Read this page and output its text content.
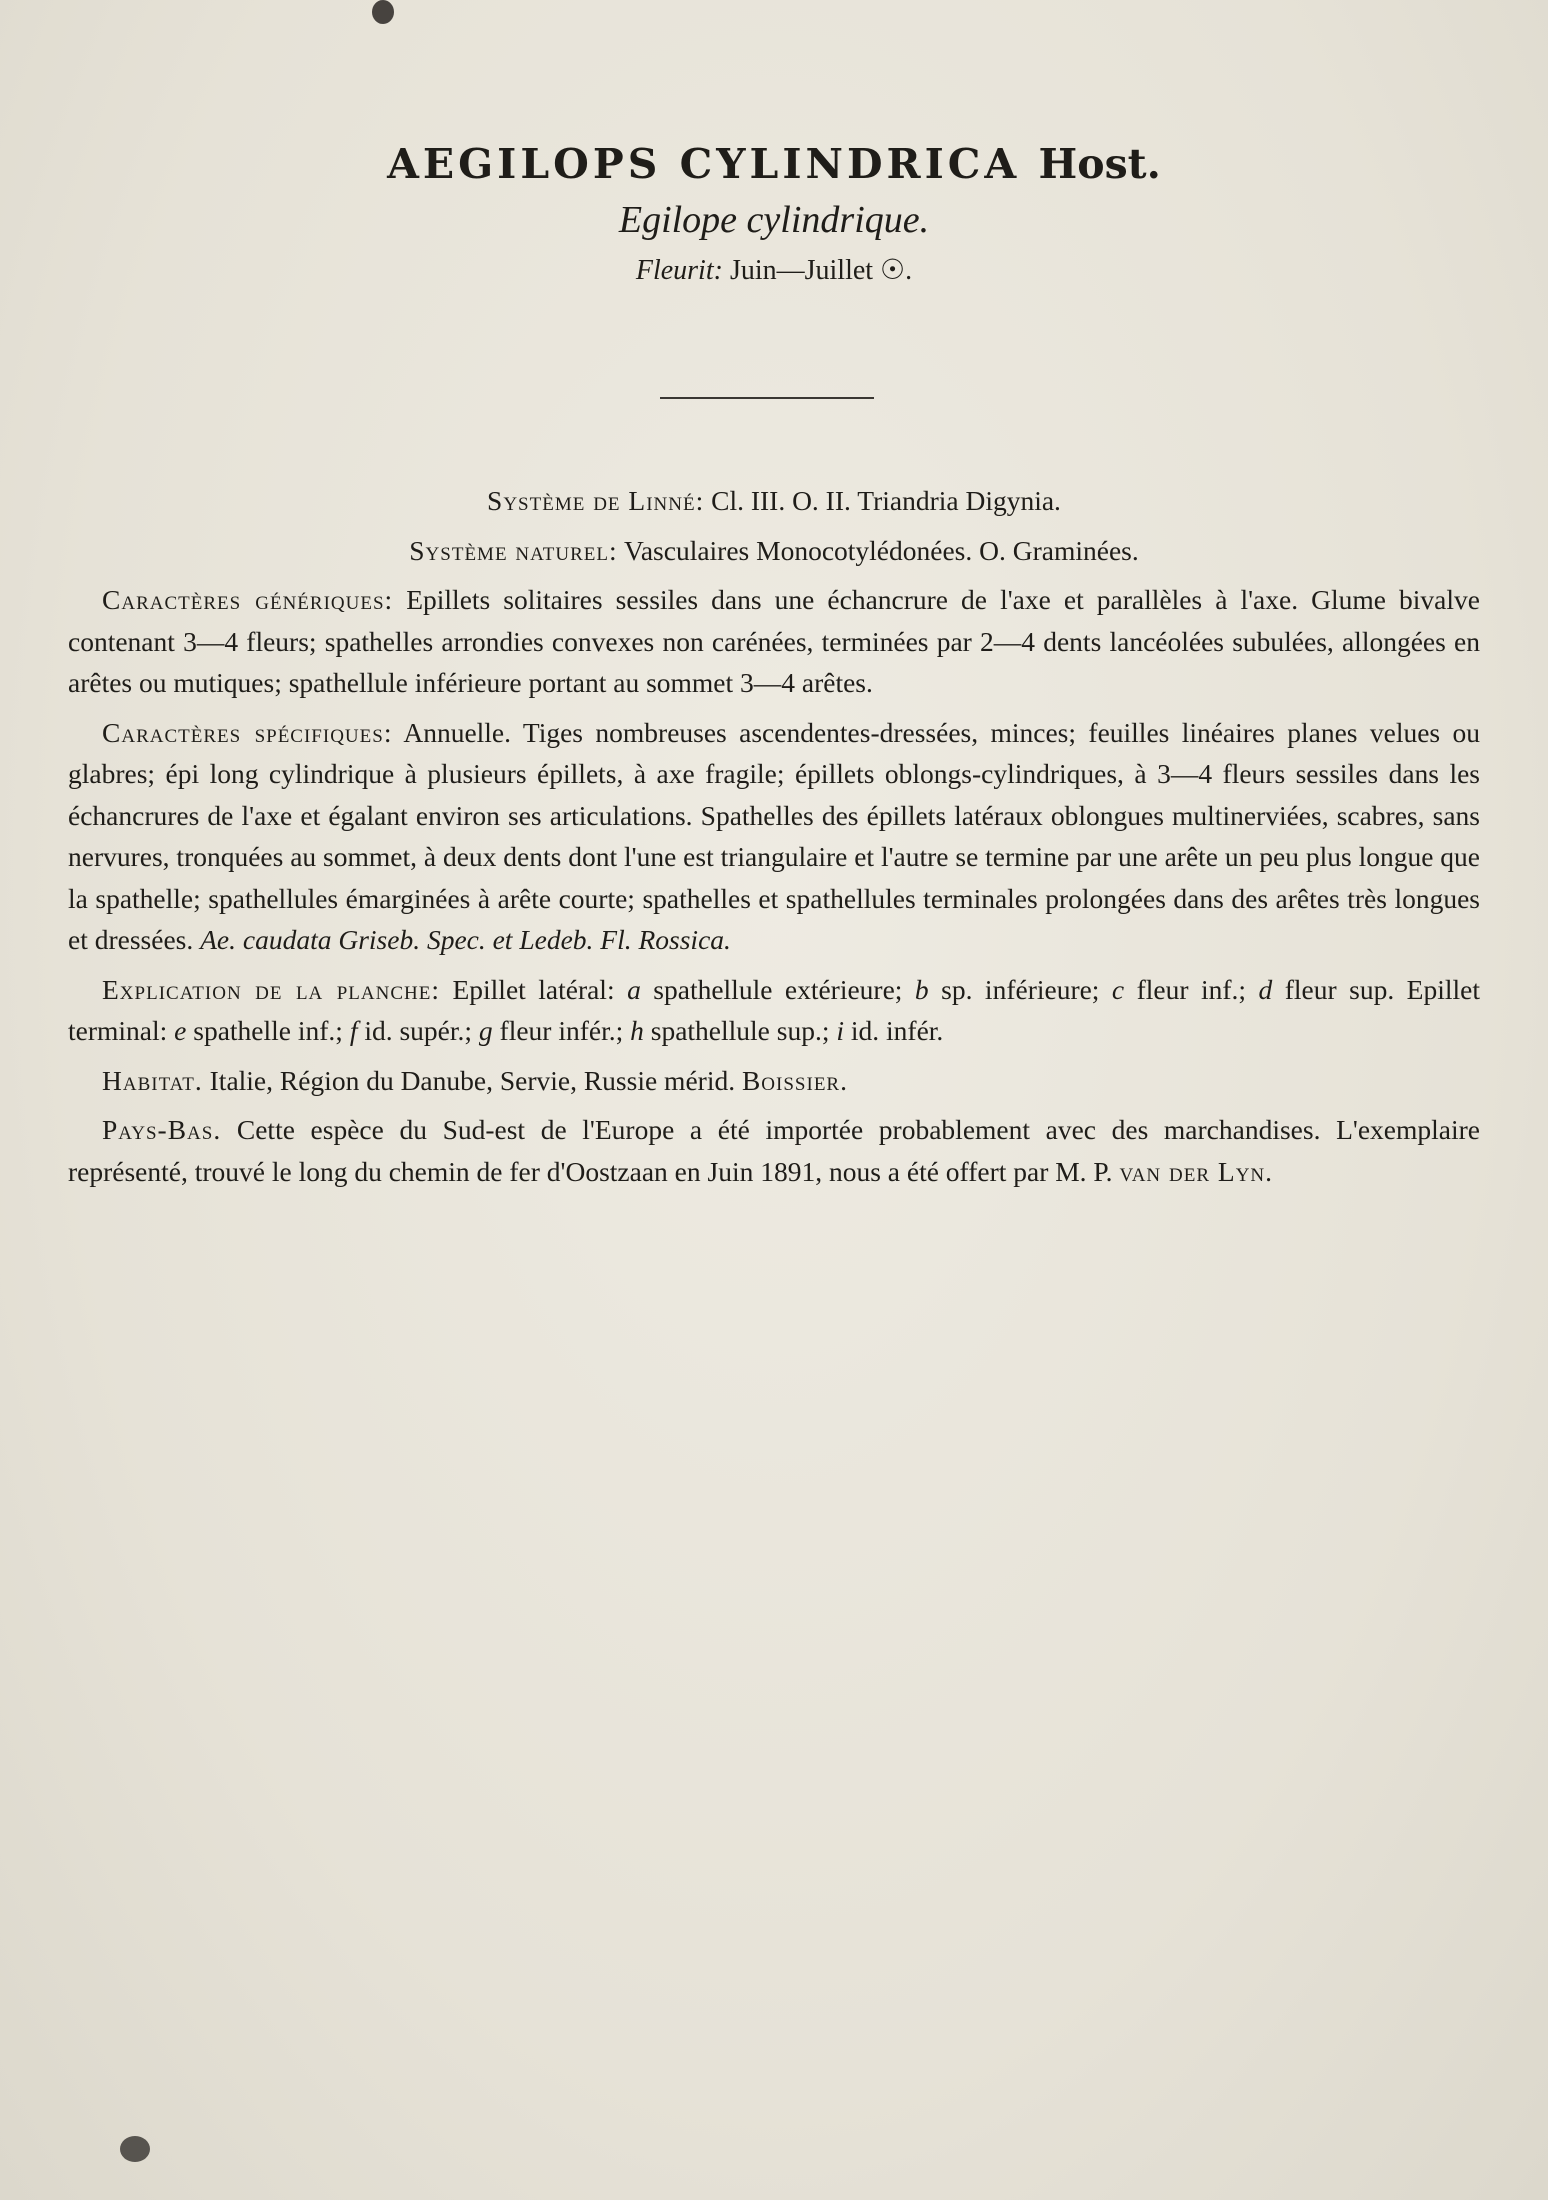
AEGILOPS CYLINDRICA Host.

Egilope cylindrique.

Fleurit: Juin—Juillet ☉.

Système de Linné: Cl. III. O. II. Triandria Digynia.

Système naturel: Vasculaires Monocotylédonées. O. Graminées.

Caractères génériques: Epillets solitaires sessiles dans une échancrure de l'axe et parallèles à l'axe. Glume bivalve contenant 3—4 fleurs; spathelles arrondies convexes non carénées, terminées par 2—4 dents lancéolées subulées, allongées en arêtes ou mutiques; spathellule inférieure portant au sommet 3—4 arêtes.

Caractères spécifiques: Annuelle. Tiges nombreuses ascendentes-dressées, minces; feuilles linéaires planes velues ou glabres; épi long cylindrique à plusieurs épillets, à axe fragile; épillets oblongs-cylindriques, à 3—4 fleurs sessiles dans les échancrures de l'axe et égalant environ ses articulations. Spathelles des épillets latéraux oblongues multinerviées, scabres, sans nervures, tronquées au sommet, à deux dents dont l'une est triangulaire et l'autre se termine par une arête un peu plus longue que la spathelle; spathellules émarginées à arête courte; spathelles et spathellules terminales prolongées dans des arêtes très longues et dressées. Ae. caudata Griseb. Spec. et Ledeb. Fl. Rossica.

Explication de la planche: Epillet latéral: a spathellule extérieure; b sp. inférieure; c fleur inf.; d fleur sup. Epillet terminal: e spathelle inf.; f id. supér.; g fleur infér.; h spathellule sup.; i id. infér.

Habitat. Italie, Région du Danube, Servie, Russie mérid. Boissier.

Pays-Bas. Cette espèce du Sud-est de l'Europe a été importée probablement avec des marchandises. L'exemplaire représenté, trouvé le long du chemin de fer d'Oostzaan en Juin 1891, nous a été offert par M. P. van der Lyn.
